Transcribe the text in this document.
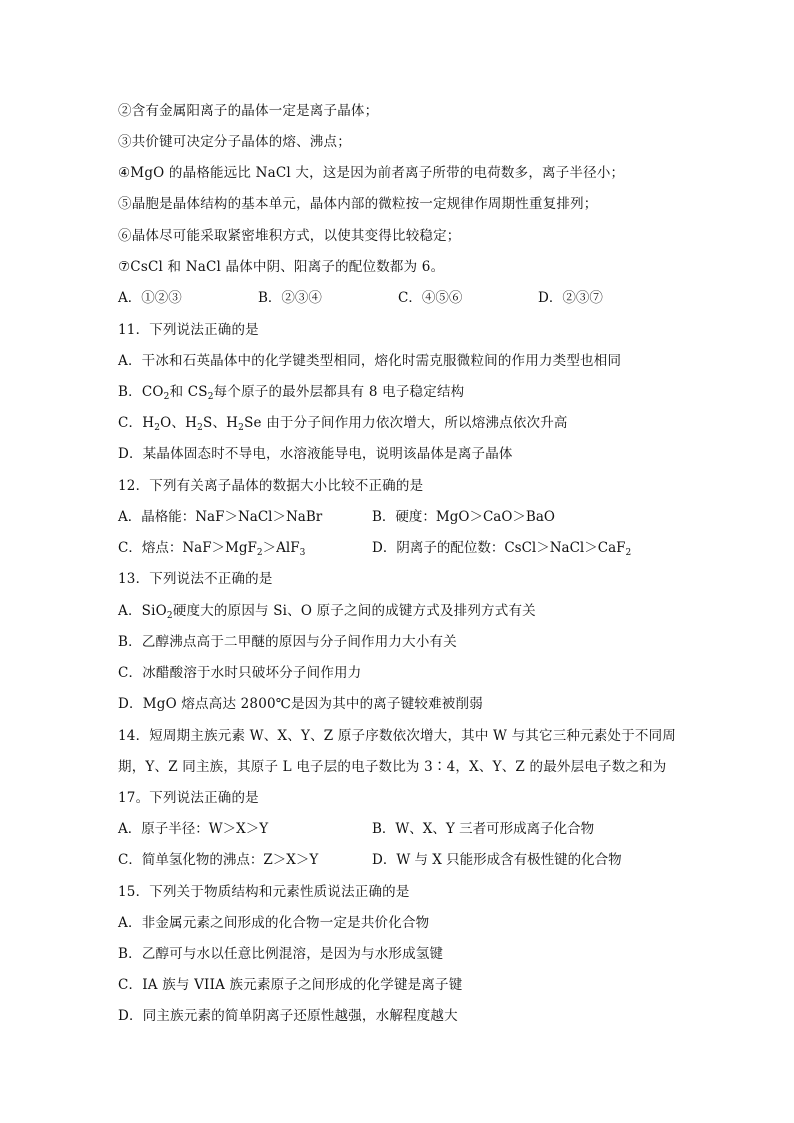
②含有金属阳离子的晶体一定是离子晶体；
③共价键可决定分子晶体的熔、沸点；
④MgO 的晶格能远比 NaCl 大，这是因为前者离子所带的电荷数多，离子半径小；
⑤晶胞是晶体结构的基本单元，晶体内部的微粒按一定规律作周期性重复排列；
⑥晶体尽可能采取紧密堆积方式，以使其变得比较稳定；
⑦CsCl 和 NaCl 晶体中阴、阳离子的配位数都为 6。
A．①②③	B．②③④	C．④⑤⑥	D．②③⑦
11．下列说法正确的是
A．干冰和石英晶体中的化学键类型相同，熔化时需克服微粒间的作用力类型也相同
B．$CO_2$和 $CS_2$每个原子的最外层都具有 8 电子稳定结构
C．$H_2O$、$H_2S$、$H_2Se$ 由于分子间作用力依次增大，所以熔沸点依次升高
D．某晶体固态时不导电，水溶液能导电，说明该晶体是离子晶体
12．下列有关离子晶体的数据大小比较不正确的是
A．晶格能：NaF＞NaCl＞NaBr	B．硬度：MgO＞CaO＞BaO
C．熔点：NaF＞MgF$_2$＞AlF$_3$	D．阴离子的配位数：CsCl＞NaCl＞CaF$_2$
13．下列说法不正确的是
A．SiO$_2$硬度大的原因与 Si、O 原子之间的成键方式及排列方式有关
B．乙醇沸点高于二甲醚的原因与分子间作用力大小有关
C．冰醋酸溶于水时只破坏分子间作用力
D．MgO 熔点高达 2800℃是因为其中的离子键较难被削弱
14．短周期主族元素 W、X、Y、Z 原子序数依次增大，其中 W 与其它三种元素处于不同周
期，Y、Z 同主族，其原子 L 电子层的电子数比为 3∶4，X、Y、Z 的最外层电子数之和为
17。下列说法正确的是
A．原子半径：W＞X＞Y	B．W、X、Y 三者可形成离子化合物
C．简单氢化物的沸点：Z＞X＞Y	D．W 与 X 只能形成含有极性键的化合物
15．下列关于物质结构和元素性质说法正确的是
A．非金属元素之间形成的化合物一定是共价化合物
B．乙醇可与水以任意比例混溶，是因为与水形成氢键
C．IA 族与 VIIA 族元素原子之间形成的化学键是离子键
D．同主族元素的简单阴离子还原性越强，水解程度越大
